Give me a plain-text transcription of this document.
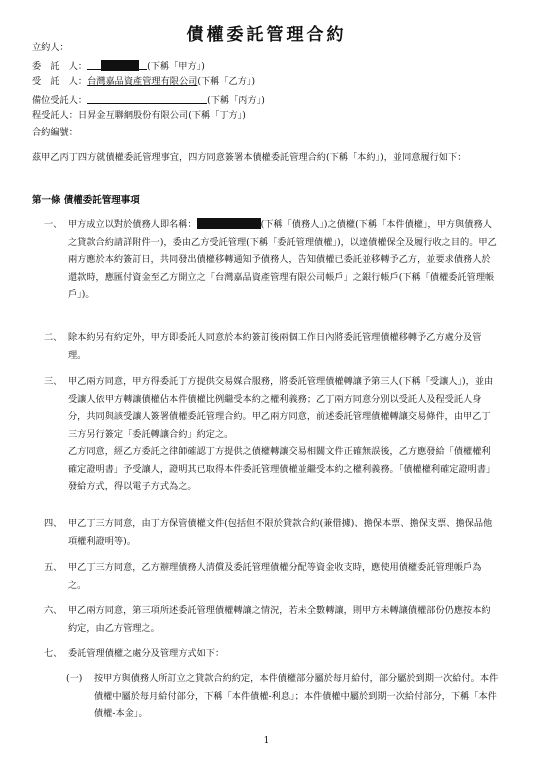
債權委託管理合約
立約人：
委　託　人：	(下稱「甲方」)
受　託　人：台灣嘉品資產管理有限公司(下稱「乙方」)
備位受託人：	(下稱「丙方」)
程受託人：日昇金互聯網股份有限公司(下稱「丁方」)
合約編號：
茲甲乙丙丁四方就債權委託管理事宜，四方同意簽署本債權委託管理合約(下稱「本約」)，並同意履行如下：
第一條 債權委託管理事項
一、 甲方成立以對於債務人即名稱：	(下稱「債務人」)之債權(下稱「本件債權」，甲方與債務人之貸款合約請詳附件一)，委由乙方受託管理(下稱「委託管理債權」)，以達債權保全及履行收之目的。甲乙兩方應於本約簽訂日，共同發出債權移轉通知予債務人，告知債權已委託並移轉予乙方，並要求債務人於還款時，應匯付資金至乙方開立之「台灣嘉品資產管理有限公司帳戶」之銀行帳戶(下稱「債權委託管理帳戶」)。
二、 除本約另有約定外，甲方即委託人同意於本約簽訂後兩個工作日內將委託管理債權移轉予乙方處分及管理。
三、 甲乙兩方同意，甲方得委託丁方提供交易媒合服務，將委託管理債權轉讓予第三人(下稱「受讓人」)，並由受讓人依甲方轉讓債權佔本件債權比例繼受本約之權利義務；乙丁兩方同意分別以受託人及程受託人身分，共同與該受讓人簽署債權委託管理合約。甲乙兩方同意，前述委託管理債權轉讓交易條件，由甲乙丁三方另行簽定「委託轉讓合約」約定之。
乙方同意，經乙方委託之律師確認丁方提供之債權轉讓交易相關文件正確無誤後，乙方應發給「債權權利確定證明書」予受讓人，證明其已取得本件委託管理債權並繼受本約之權利義務。「債權權利確定證明書」發給方式，得以電子方式為之。
四、 甲乙丁三方同意，由丁方保管債權文件(包括但不限於貸款合約(兼借據)、擔保本票、擔保支票、擔保品他項權利證明等)。
五、 甲乙丁三方同意，乙方辦理債務人清償及委託管理債權分配等資金收支時，應使用債權委託管理帳戶為之。
六、 甲乙兩方同意，第三項所述委託管理債權轉讓之情況，若未全數轉讓，則甲方未轉讓債權部份仍應按本約約定，由乙方管理之。
七、 委託管理債權之處分及管理方式如下：
(一) 按甲方與債務人所訂立之貸款合約約定，本件債權部分屬於每月給付，部分屬於到期一次給付。本件債權中屬於每月給付部分，下稱「本件債權-利息」；本件債權中屬於到期一次給付部分，下稱「本件債權-本金」。
1
